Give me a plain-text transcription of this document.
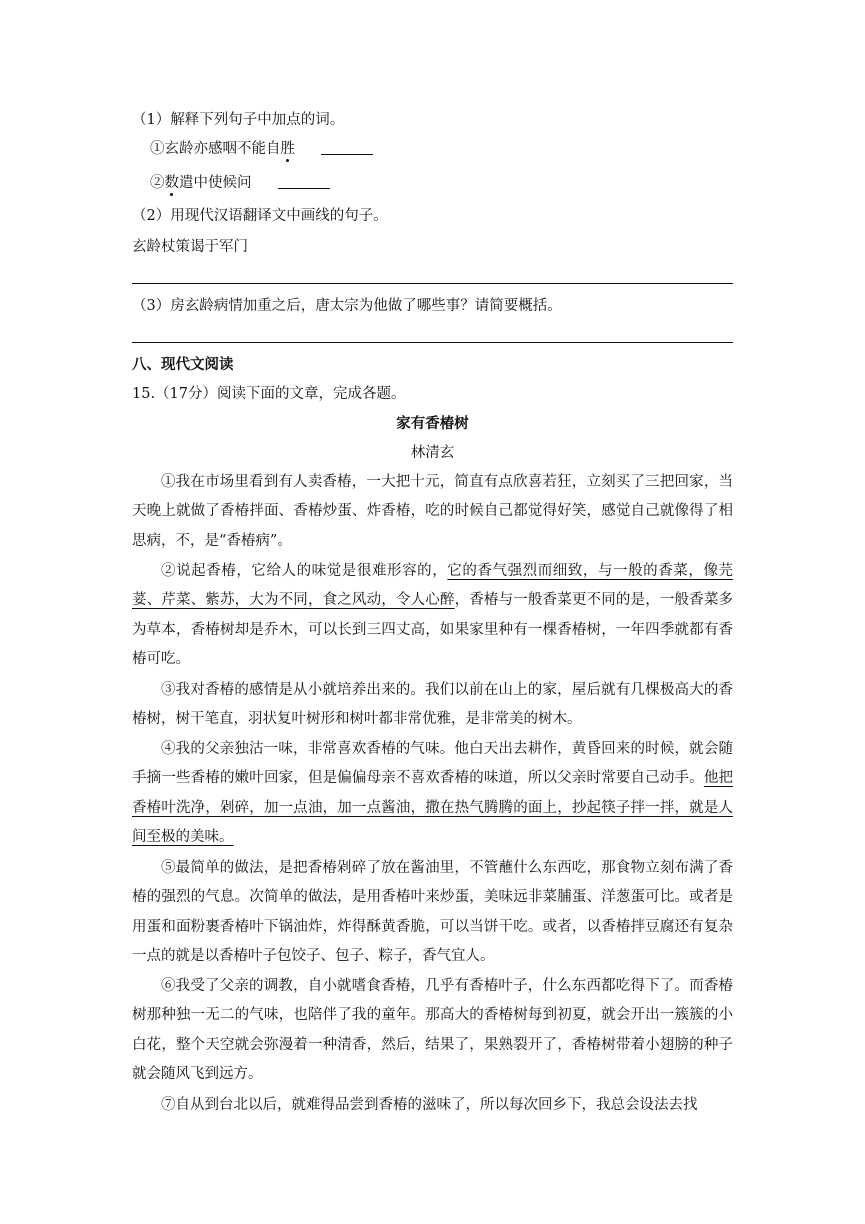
（1）解释下列句子中加点的词。
①玄龄亦感咽不能自胜
②数遣中使候问
（2）用现代汉语翻译文中画线的句子。
玄龄杖策谒于军门
（3）房玄龄病情加重之后，唐太宗为他做了哪些事？请简要概括。
八、现代文阅读
15.（17分）阅读下面的文章，完成各题。
家有香椿树
林清玄
①我在市场里看到有人卖香椿，一大把十元，简直有点欣喜若狂，立刻买了三把回家，当天晚上就做了香椿拌面、香椿炒蛋、炸香椿，吃的时候自己都觉得好笑，感觉自己就像得了相思病，不，是“香椿病”。
②说起香椿，它给人的味觉是很难形容的，它的香气强烈而细致，与一般的香菜，像芫荽、芹菜、紫苏，大为不同，食之风动，令人心醉，香椿与一般香菜更不同的是，一般香菜多为草本，香椿树却是乔木，可以长到三四丈高，如果家里种有一棵香椿树，一年四季就都有香椿可吃。
③我对香椿的感情是从小就培养出来的。我们以前在山上的家，屋后就有几棵极高大的香椿树，树干笔直，羽状复叶树形和树叶都非常优雅，是非常美的树木。
④我的父亲独沽一味，非常喜欢香椿的气味。他白天出去耕作，黄昏回来的时候，就会随手摘一些香椿的嫩叶回家，但是偏偏母亲不喜欢香椿的味道，所以父亲时常要自己动手。他把香椿叶洗净，剁碎，加一点油，加一点酱油，撒在热气腾腾的面上，抄起筷子拌一拌，就是人间至极的美味。
⑤最简单的做法，是把香椿剁碎了放在酱油里，不管蘸什么东西吃，那食物立刻布满了香椿的强烈的气息。次简单的做法，是用香椿叶来炒蛋，美味远非菜脯蛋、洋葱蛋可比。或者是用蛋和面粉裹香椿叶下锅油炸，炸得酥黄香脆，可以当饼干吃。或者，以香椿拌豆腐还有复杂一点的就是以香椿叶子包饺子、包子、粽子，香气宜人。
⑥我受了父亲的调教，自小就嗜食香椿，几乎有香椿叶子，什么东西都吃得下了。而香椿树那种独一无二的气味，也陪伴了我的童年。那高大的香椿树每到初夏，就会开出一簇簇的小白花，整个天空就会弥漫着一种清香，然后，结果了，果熟裂开了，香椿树带着小翅膀的种子就会随风飞到远方。
⑦自从到台北以后，就难得品尝到香椿的滋味了，所以每次回乡下，我总会设法去找
